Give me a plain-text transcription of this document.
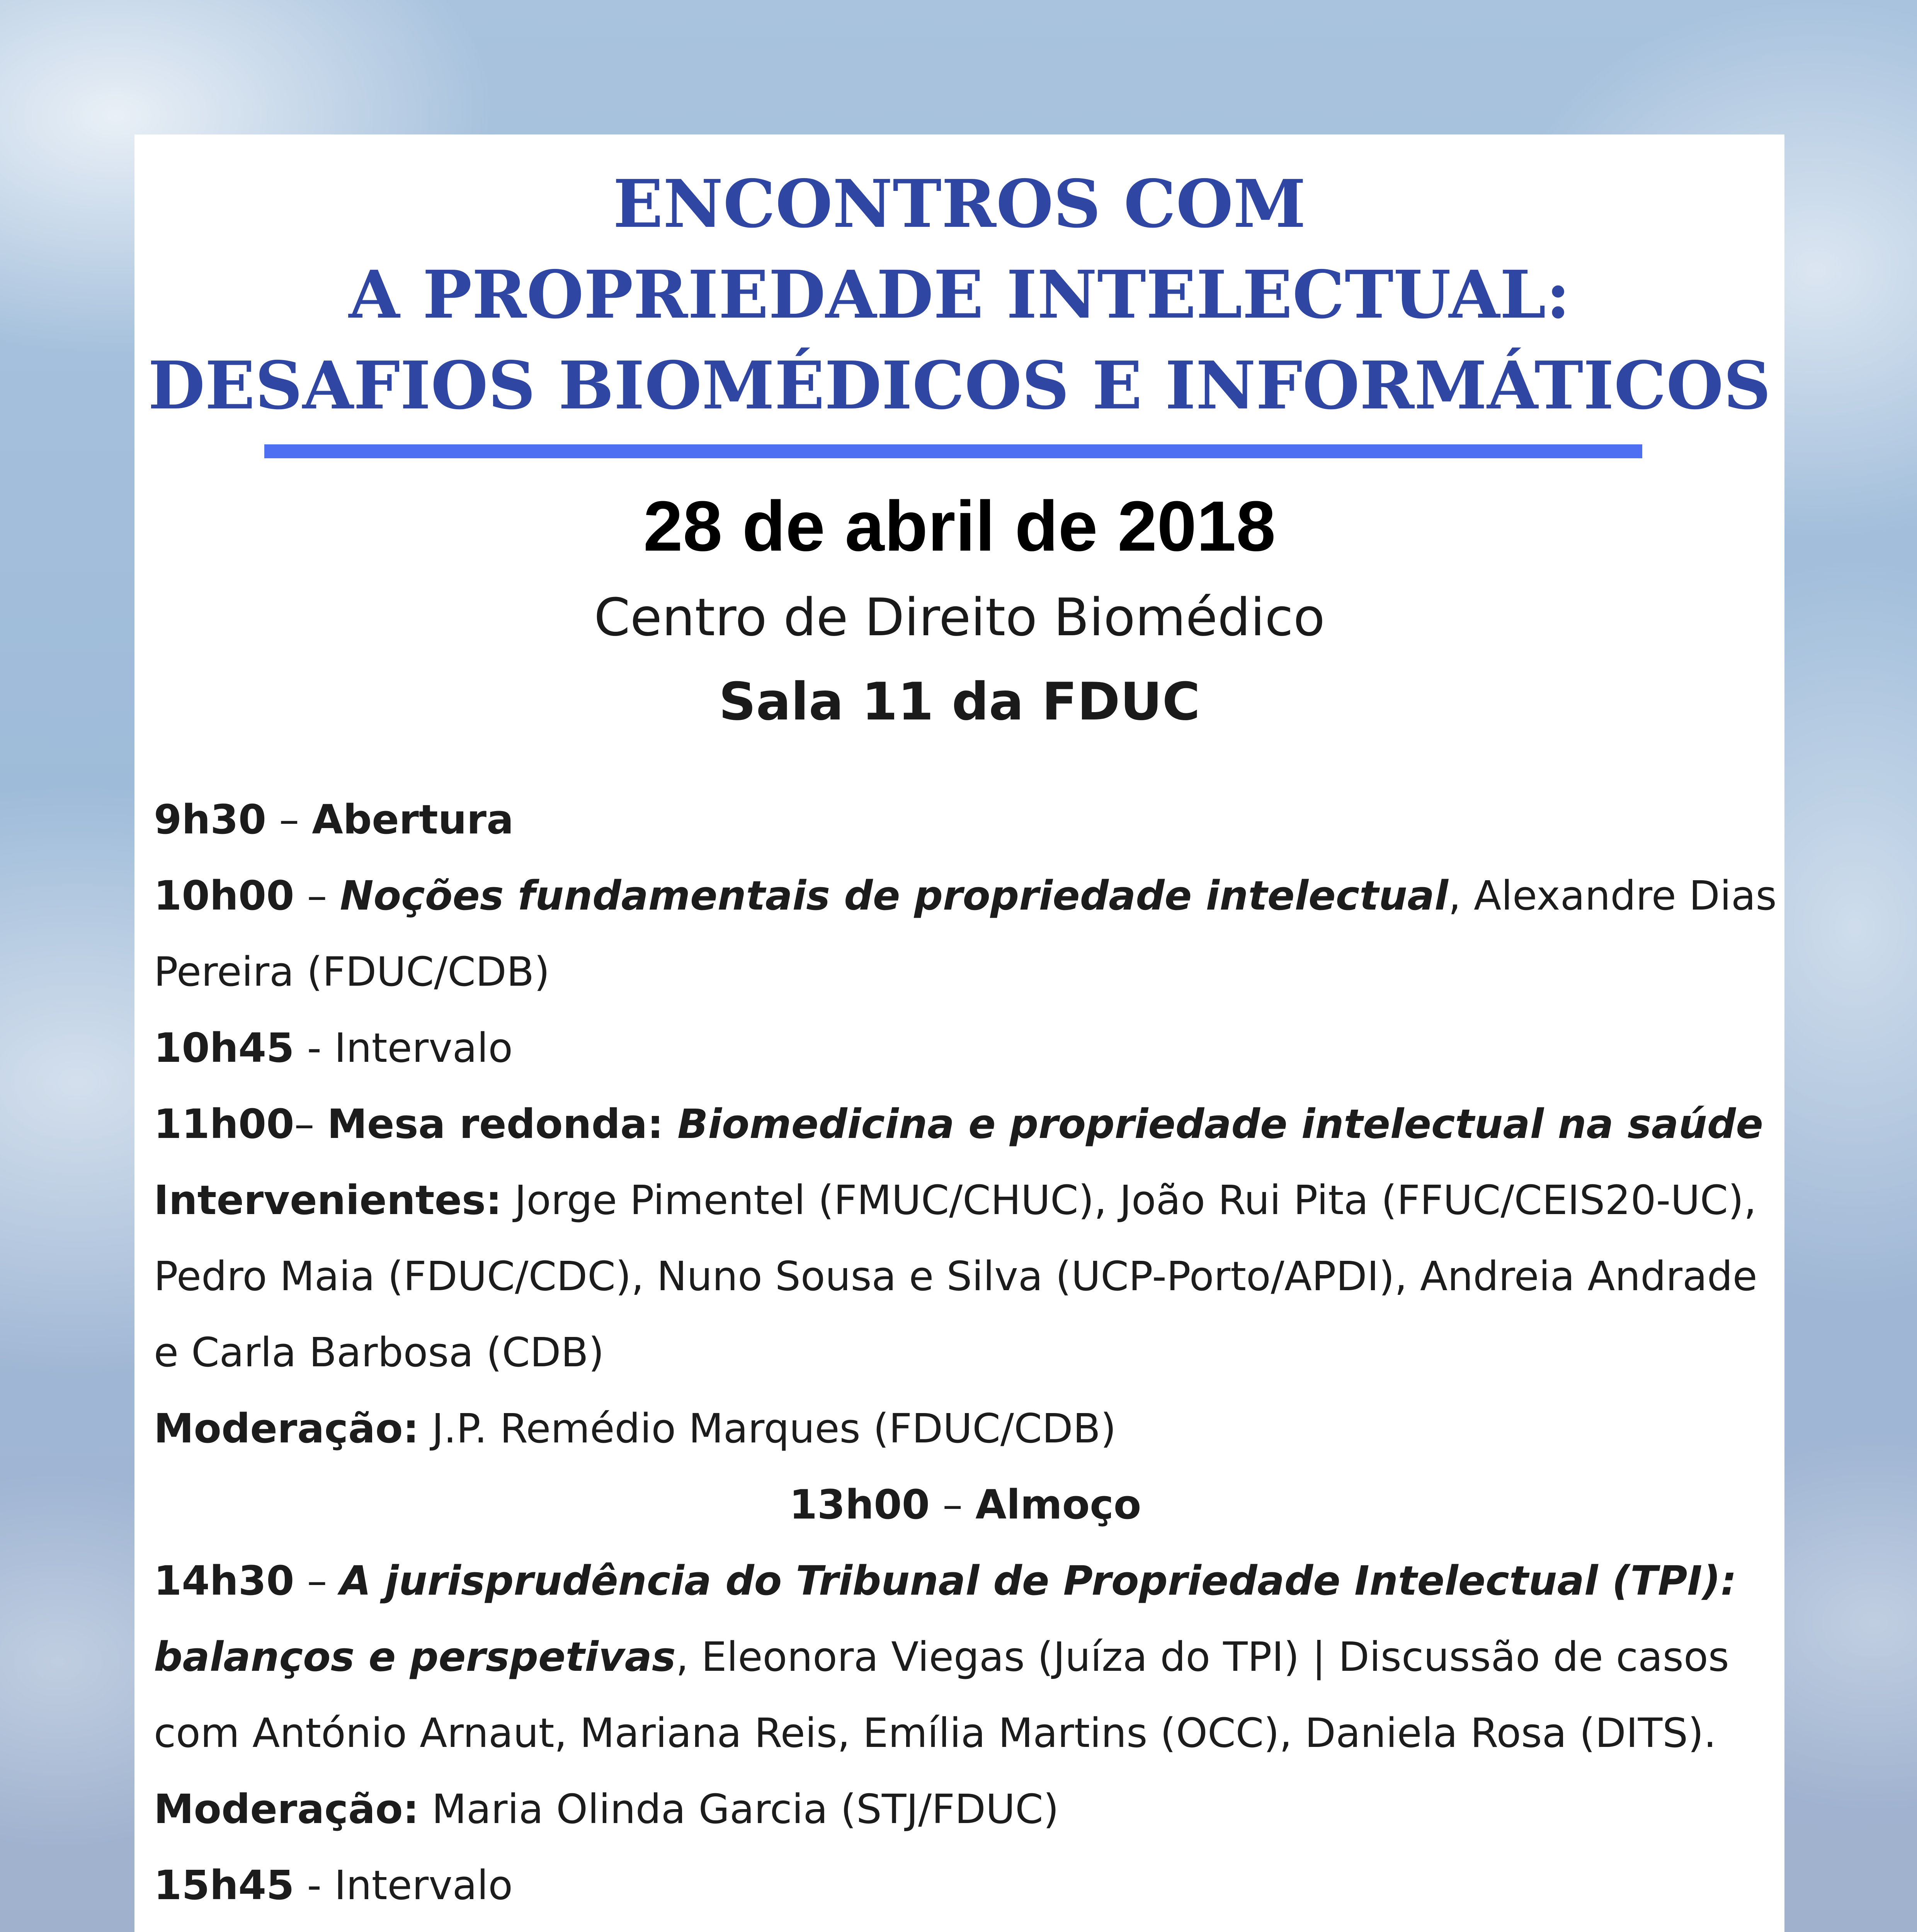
ENCONTROS COM
A PROPRIEDADE INTELECTUAL:
DESAFIOS BIOMÉDICOS E INFORMÁTICOS
28 de abril de 2018
Centro de Direito Biomédico
Sala 11 da FDUC
9h30 – Abertura
10h00 – Noções fundamentais de propriedade intelectual, Alexandre Dias
Pereira (FDUC/CDB)
10h45 - Intervalo
11h00– Mesa redonda: Biomedicina e propriedade intelectual na saúde
Intervenientes: Jorge Pimentel (FMUC/CHUC), João Rui Pita (FFUC/CEIS20-UC),
Pedro Maia (FDUC/CDC), Nuno Sousa e Silva (UCP-Porto/APDI), Andreia Andrade
e Carla Barbosa (CDB)
Moderação: J.P. Remédio Marques (FDUC/CDB)
13h00 – Almoço
14h30 – A jurisprudência do Tribunal de Propriedade Intelectual (TPI):
balanços e perspetivas, Eleonora Viegas (Juíza do TPI) | Discussão de casos
com António Arnaut, Mariana Reis, Emília Martins (OCC), Daniela Rosa (DITS).
Moderação: Maria Olinda Garcia (STJ/FDUC)
15h45 - Intervalo
